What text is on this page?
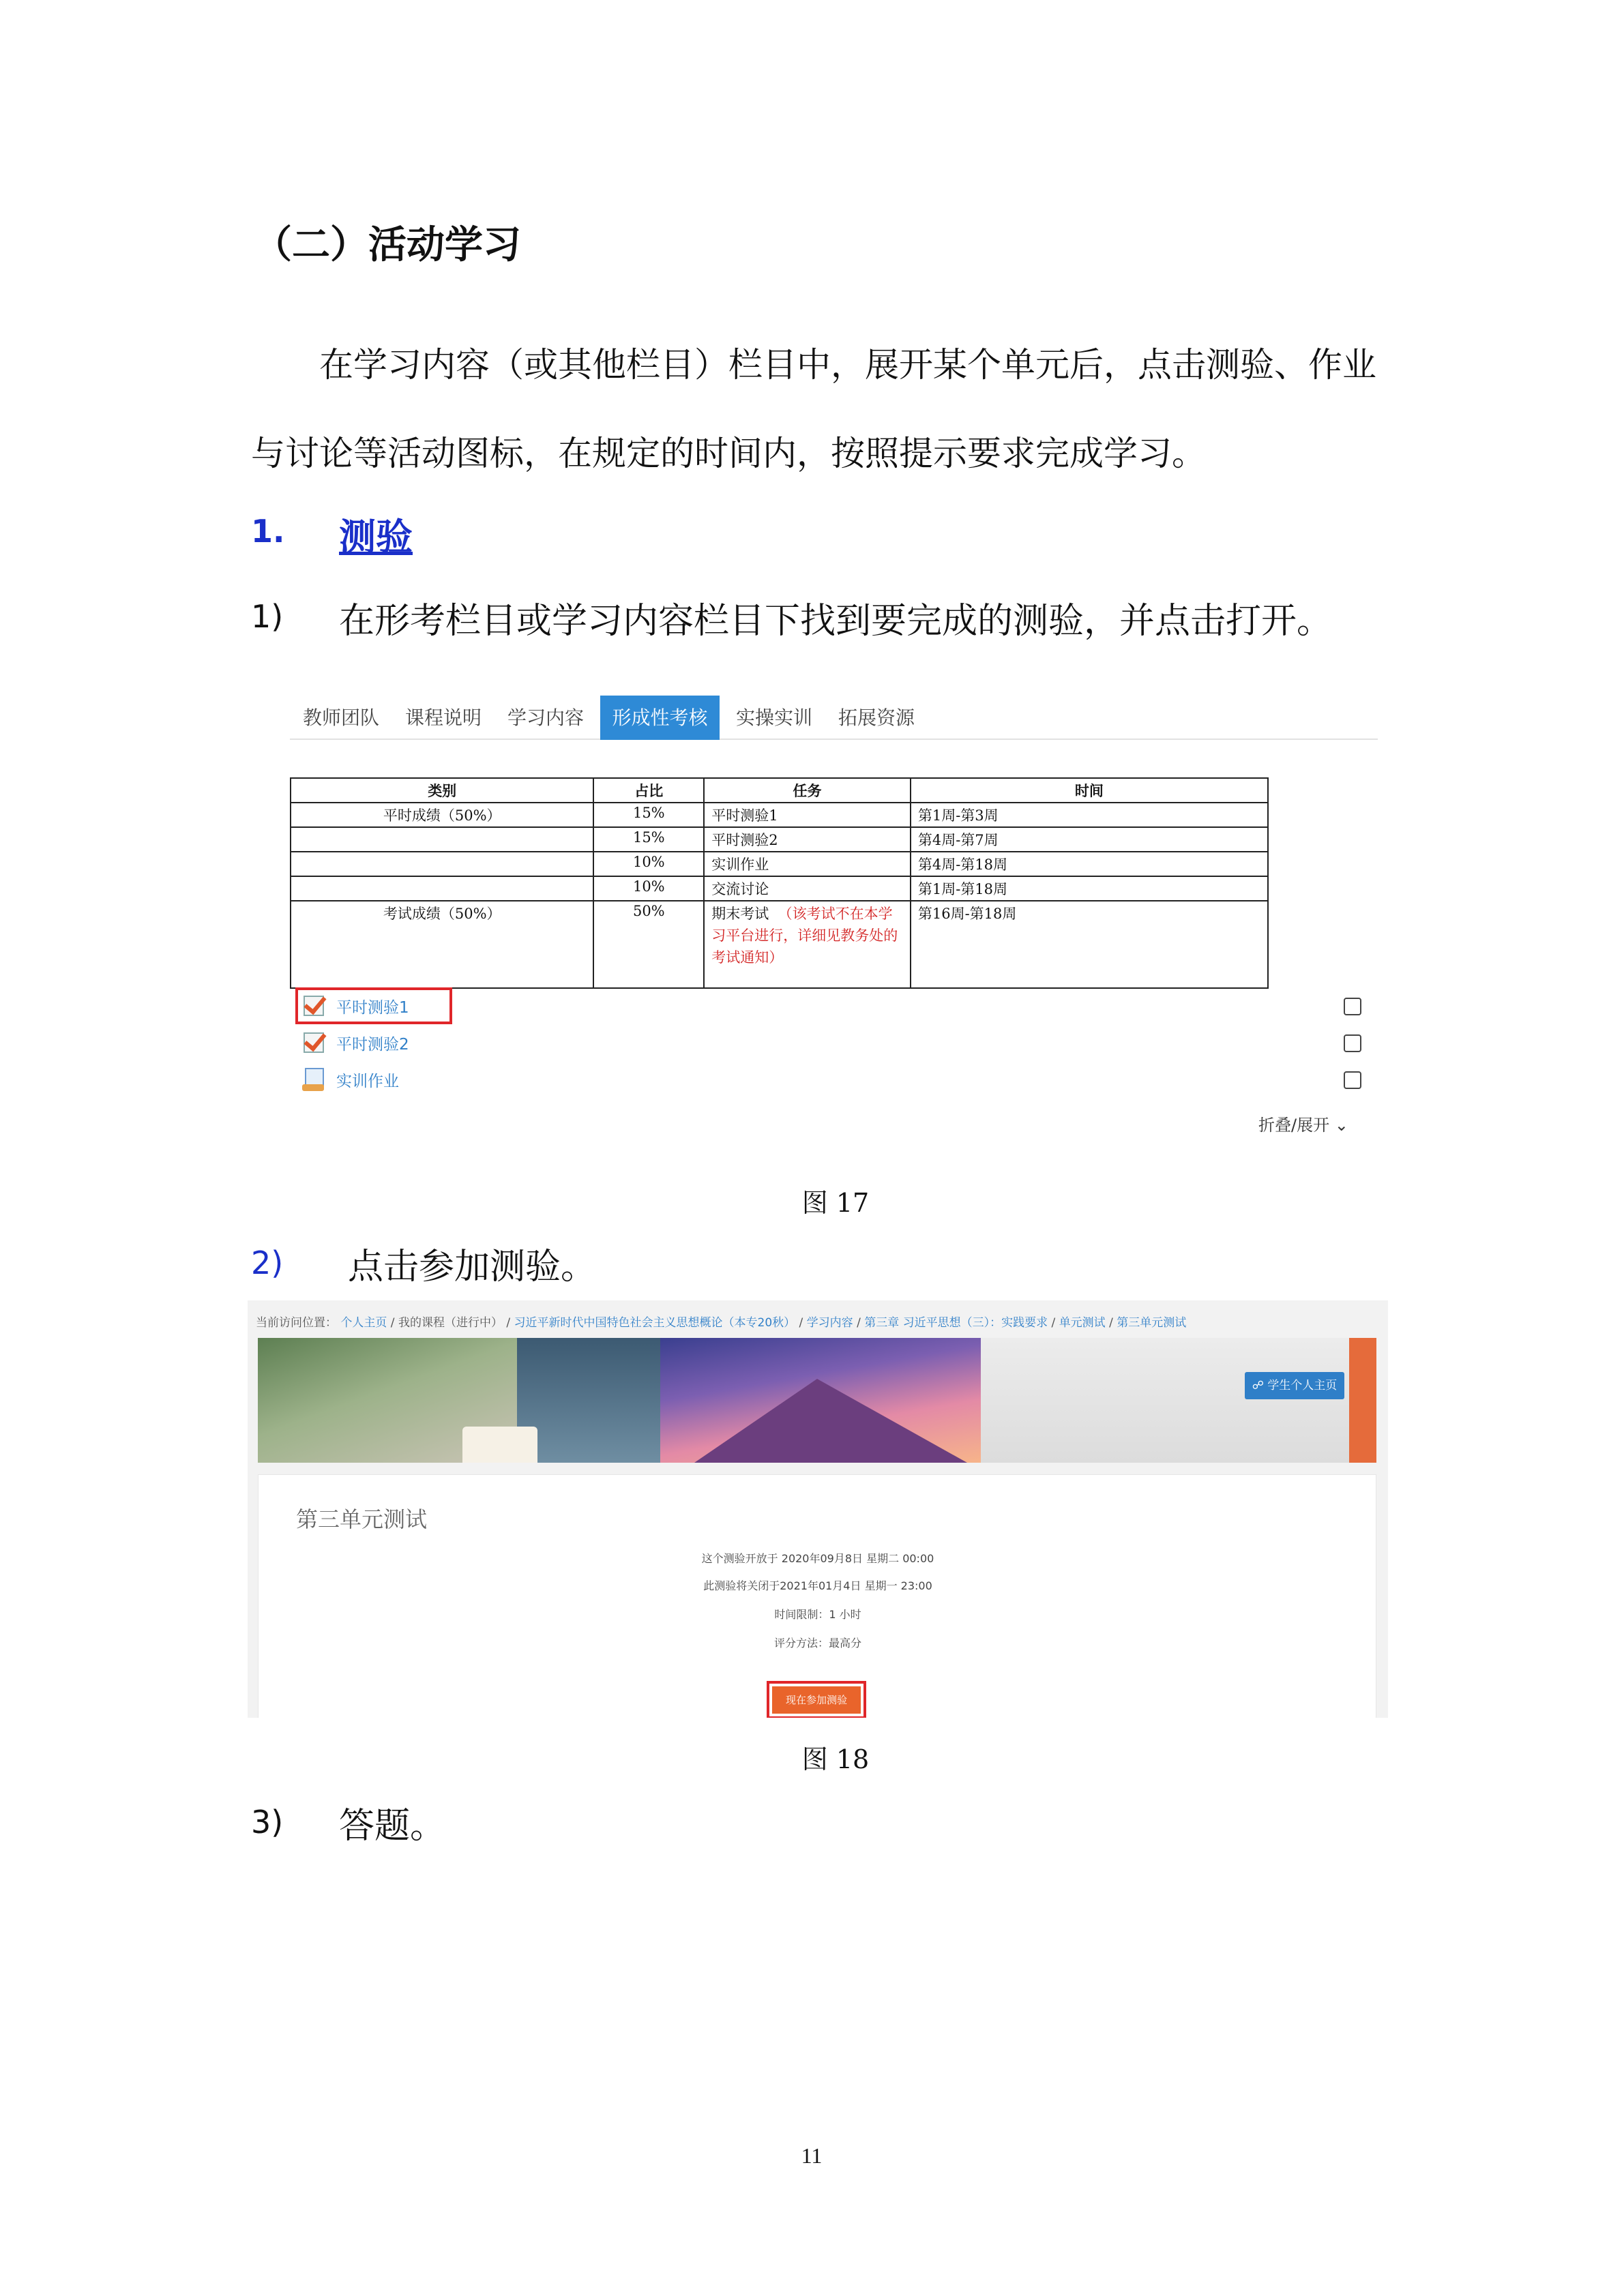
（二）活动学习
在学习内容（或其他栏目）栏目中，展开某个单元后，点击测验、作业
与讨论等活动图标，在规定的时间内，按照提示要求完成学习。
1. 测验
1) 在形考栏目或学习内容栏目下找到要完成的测验，并点击打开。
教师团队	课程说明	学习内容	形成性考核	实操实训	拓展资源
类别	占比	任务	时间
平时成绩（50%）	15%	平时测验1	第1周-第3周
	15%	平时测验2	第4周-第7周
	10%	实训作业	第4周-第18周
	10%	交流讨论	第1周-第18周
考试成绩（50%）	50%	期末考试 （该考试不在本学习平台进行，详细见教务处的考试通知）	第16周-第18周
平时测验1
平时测验2
实训作业
折叠/展开 ⌄
图 17
2) 点击参加测验。
当前访问位置： 个人主页 / 我的课程（进行中） / 习近平新时代中国特色社会主义思想概论（本专20秋） / 学习内容 / 第三章 习近平思想（三）：实践要求 / 单元测试 / 第三单元测试
☍ 学生个人主页
第三单元测试
这个测验开放于 2020年09月8日 星期二 00:00
此测验将关闭于2021年01月4日 星期一 23:00
时间限制：1 小时
评分方法：最高分
现在参加测验
图 18
3) 答题。
11
